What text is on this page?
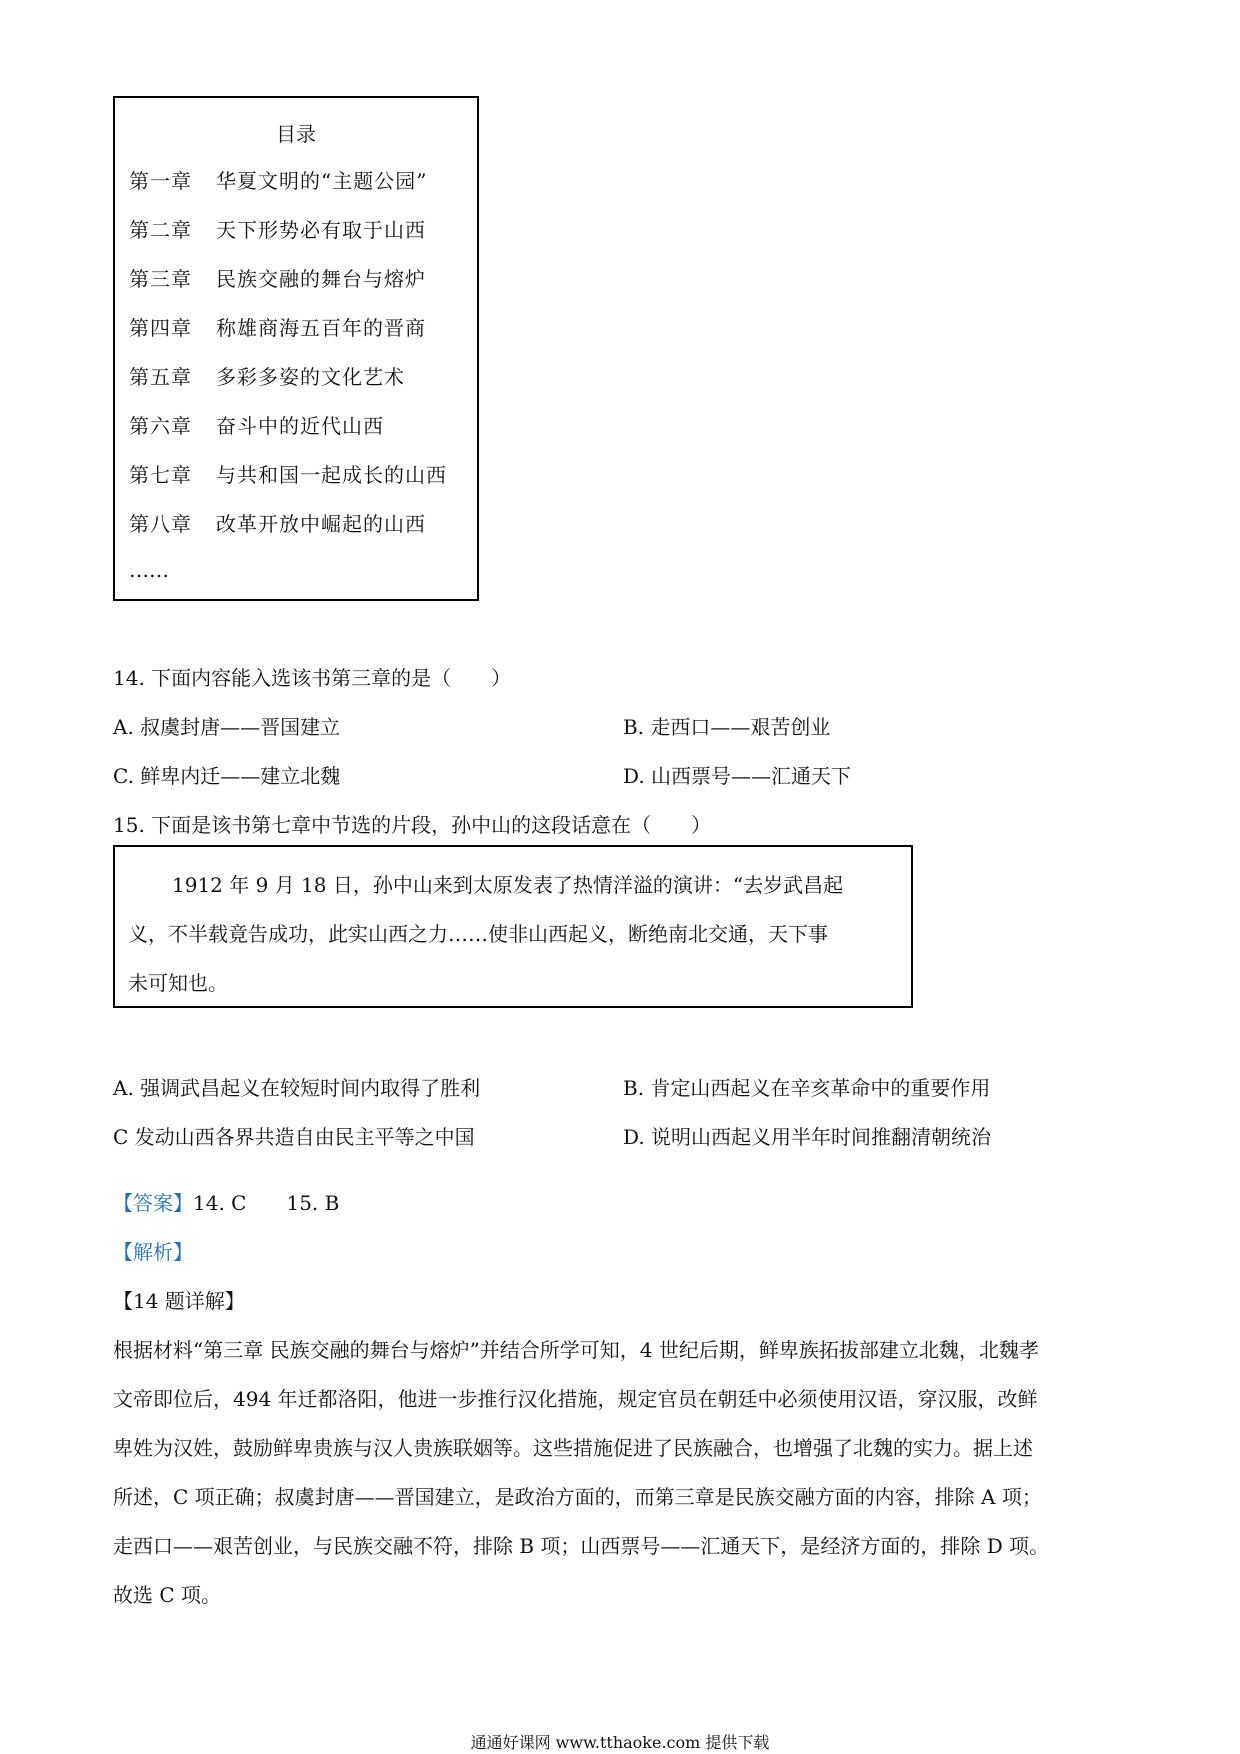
目录
第一章 华夏文明的“主题公园”
第二章 天下形势必有取于山西
第三章 民族交融的舞台与熔炉
第四章 称雄商海五百年的晋商
第五章 多彩多姿的文化艺术
第六章 奋斗中的近代山西
第七章 与共和国一起成长的山西
第八章 改革开放中崛起的山西
……
14. 下面内容能入选该书第三章的是（　　）
A. 叔虞封唐——晋国建立	B. 走西口——艰苦创业
C. 鲜卑内迁——建立北魏	D. 山西票号——汇通天下
15. 下面是该书第七章中节选的片段，孙中山的这段话意在（　　）
1912 年 9 月 18 日，孙中山来到太原发表了热情洋溢的演讲：“去岁武昌起
义，不半载竟告成功，此实山西之力……使非山西起义，断绝南北交通，天下事
未可知也。
A. 强调武昌起义在较短时间内取得了胜利	B. 肯定山西起义在辛亥革命中的重要作用
C 发动山西各界共造自由民主平等之中国	D. 说明山西起义用半年时间推翻清朝统治
【答案】14. C　　15. B
【解析】
【14 题详解】
根据材料“第三章 民族交融的舞台与熔炉”并结合所学可知，4 世纪后期，鲜卑族拓拔部建立北魏，北魏孝
文帝即位后，494 年迁都洛阳，他进一步推行汉化措施，规定官员在朝廷中必须使用汉语，穿汉服，改鲜
卑姓为汉姓，鼓励鲜卑贵族与汉人贵族联姻等。这些措施促进了民族融合，也增强了北魏的实力。据上述
所述，C 项正确；叔虞封唐——晋国建立，是政治方面的，而第三章是民族交融方面的内容，排除 A 项；
走西口——艰苦创业，与民族交融不符，排除 B 项；山西票号——汇通天下，是经济方面的，排除 D 项。
故选 C 项。
通通好课网 www.tthaoke.com 提供下载
